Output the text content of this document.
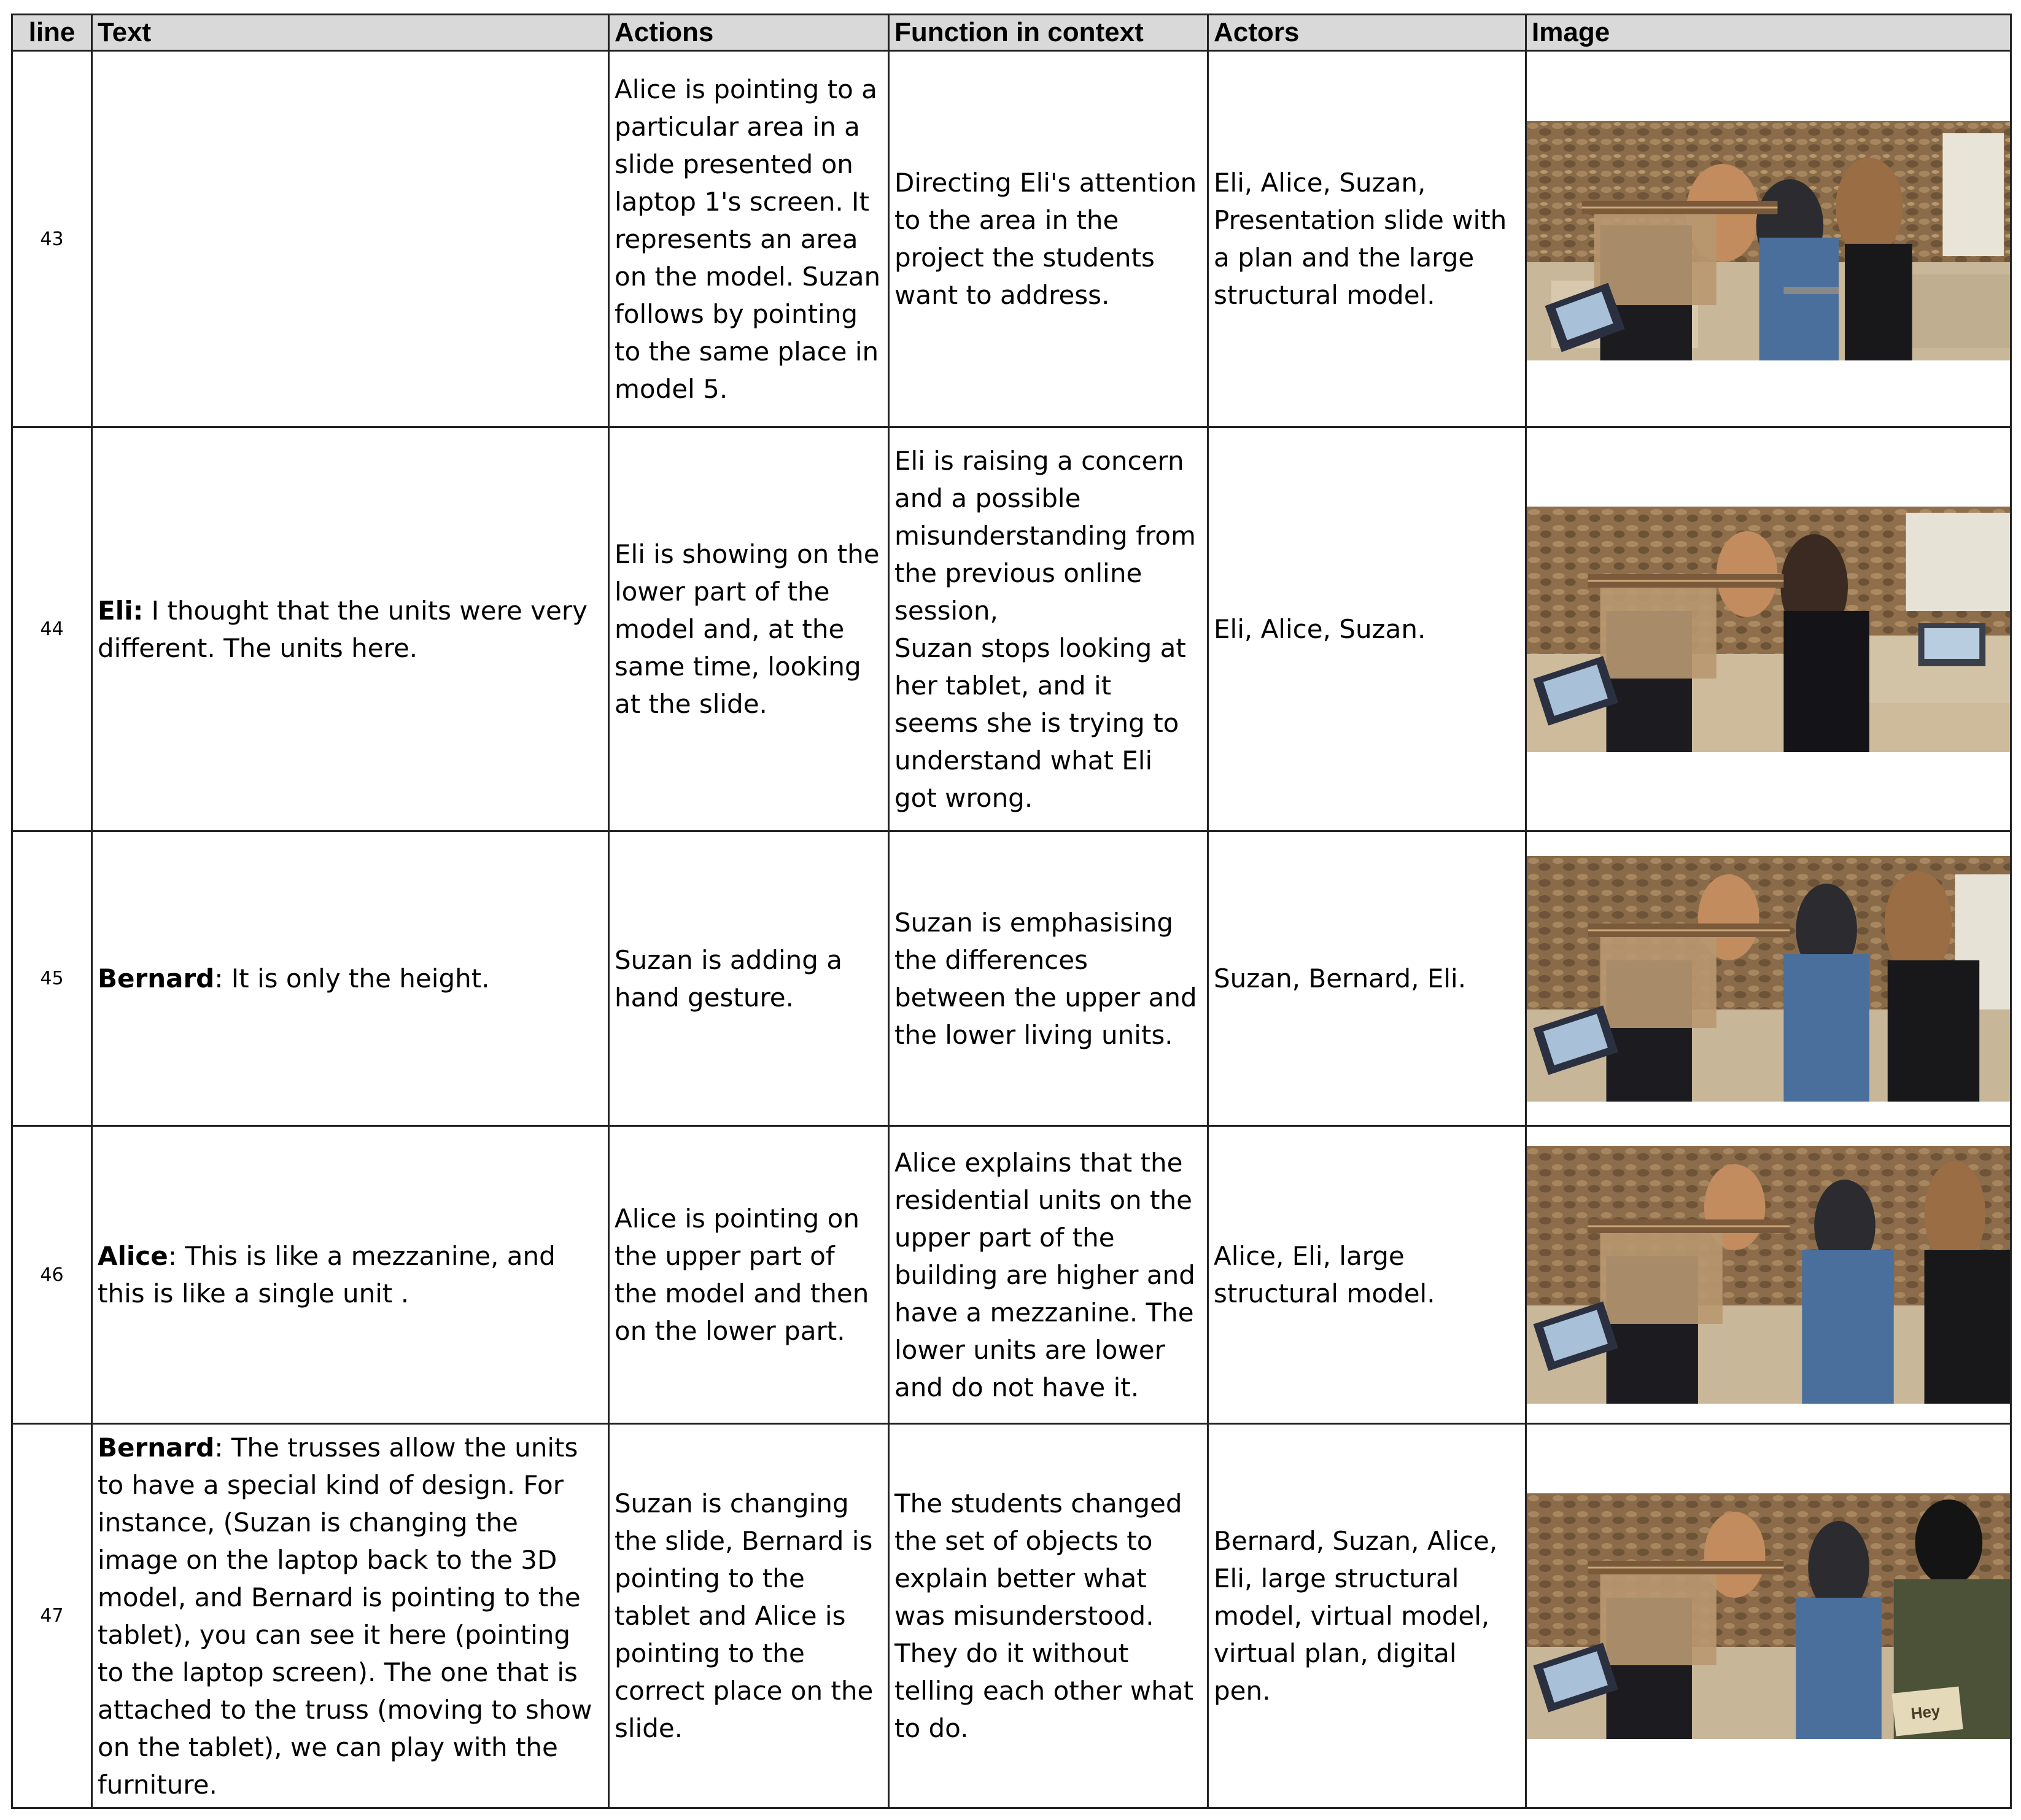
line	Text	Actions	Function in context	Actors	Image
43		Alice is pointing to a particular area in a slide presented on laptop 1's screen. It represents an area on the model. Suzan follows by pointing to the same place in model 5.	Directing Eli's attention to the area in the project the students want to address.	Eli, Alice, Suzan, Presentation slide with a plan and the large structural model.	

44	Eli: I thought that the units were very different. The units here.	Eli is showing on the lower part of the model and, at the same time, looking at the slide.	Eli is raising a concern and a possible misunderstanding from the previous online session,
Suzan stops looking at her tablet, and it seems she is trying to understand what Eli got wrong.	Eli, Alice, Suzan.	

45	Bernard: It is only the height.	Suzan is adding a hand gesture.	Suzan is emphasising the differences between the upper and the lower living units.	Suzan, Bernard, Eli.	

46	Alice: This is like a mezzanine, and this is like a single unit .	Alice is pointing on the upper part of the model and then on the lower part.	Alice explains that the residential units on the upper part of the building are higher and have a mezzanine. The lower units are lower and do not have it.	Alice, Eli, large structural model.	

47	Bernard: The trusses allow the units to have a special kind of design. For instance, (Suzan is changing the image on the laptop back to the 3D model, and Bernard is pointing to the tablet), you can see it here (pointing to the laptop screen). The one that is attached to the truss (moving to show on the tablet), we can play with the furniture.	Suzan is changing the slide, Bernard is pointing to the tablet and Alice is pointing to the correct place on the slide.	The students changed the set of objects to explain better what was misunderstood. They do it without telling each other what to do.	Bernard, Suzan, Alice, Eli, large structural model, virtual model, virtual plan, digital pen.	Hey
